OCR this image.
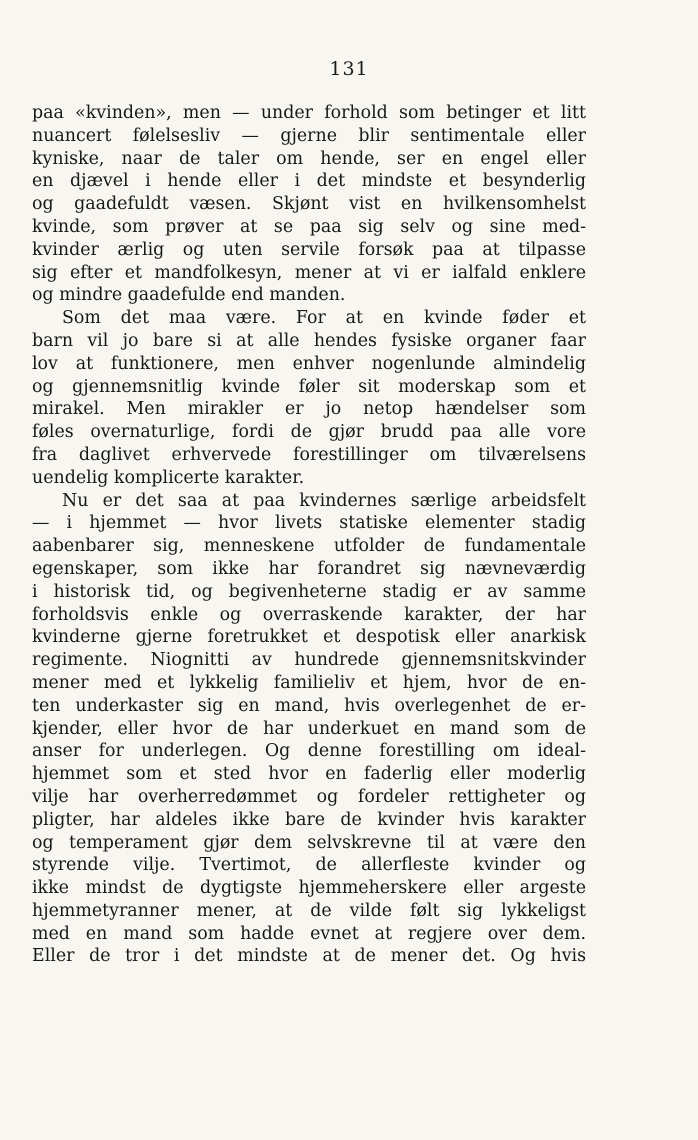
131
paa «kvinden», men — under forhold som betinger et litt
nuancert følelsesliv — gjerne blir sentimentale eller
kyniske, naar de taler om hende, ser en engel eller
en djævel i hende eller i det mindste et besynderlig
og gaadefuldt væsen. Skjønt vist en hvilkensomhelst
kvinde, som prøver at se paa sig selv og sine med-
kvinder ærlig og uten servile forsøk paa at tilpasse
sig efter et mandfolkesyn, mener at vi er ialfald enklere
og mindre gaadefulde end manden.
Som det maa være. For at en kvinde føder et
barn vil jo bare si at alle hendes fysiske organer faar
lov at funktionere, men enhver nogenlunde almindelig
og gjennemsnitlig kvinde føler sit moderskap som et
mirakel. Men mirakler er jo netop hændelser som
føles overnaturlige, fordi de gjør brudd paa alle vore
fra daglivet erhvervede forestillinger om tilværelsens
uendelig komplicerte karakter.
Nu er det saa at paa kvindernes særlige arbeidsfelt
— i hjemmet — hvor livets statiske elementer stadig
aabenbarer sig, menneskene utfolder de fundamentale
egenskaper, som ikke har forandret sig nævneværdig
i historisk tid, og begivenheterne stadig er av samme
forholdsvis enkle og overraskende karakter, der har
kvinderne gjerne foretrukket et despotisk eller anarkisk
regimente. Niognitti av hundrede gjennemsnitskvinder
mener med et lykkelig familieliv et hjem, hvor de en-
ten underkaster sig en mand, hvis overlegenhet de er-
kjender, eller hvor de har underkuet en mand som de
anser for underlegen. Og denne forestilling om ideal-
hjemmet som et sted hvor en faderlig eller moderlig
vilje har overherredømmet og fordeler rettigheter og
pligter, har aldeles ikke bare de kvinder hvis karakter
og temperament gjør dem selvskrevne til at være den
styrende vilje. Tvertimot, de allerfleste kvinder og
ikke mindst de dygtigste hjemmeherskere eller argeste
hjemmetyranner mener, at de vilde følt sig lykkeligst
med en mand som hadde evnet at regjere over dem.
Eller de tror i det mindste at de mener det. Og hvis
